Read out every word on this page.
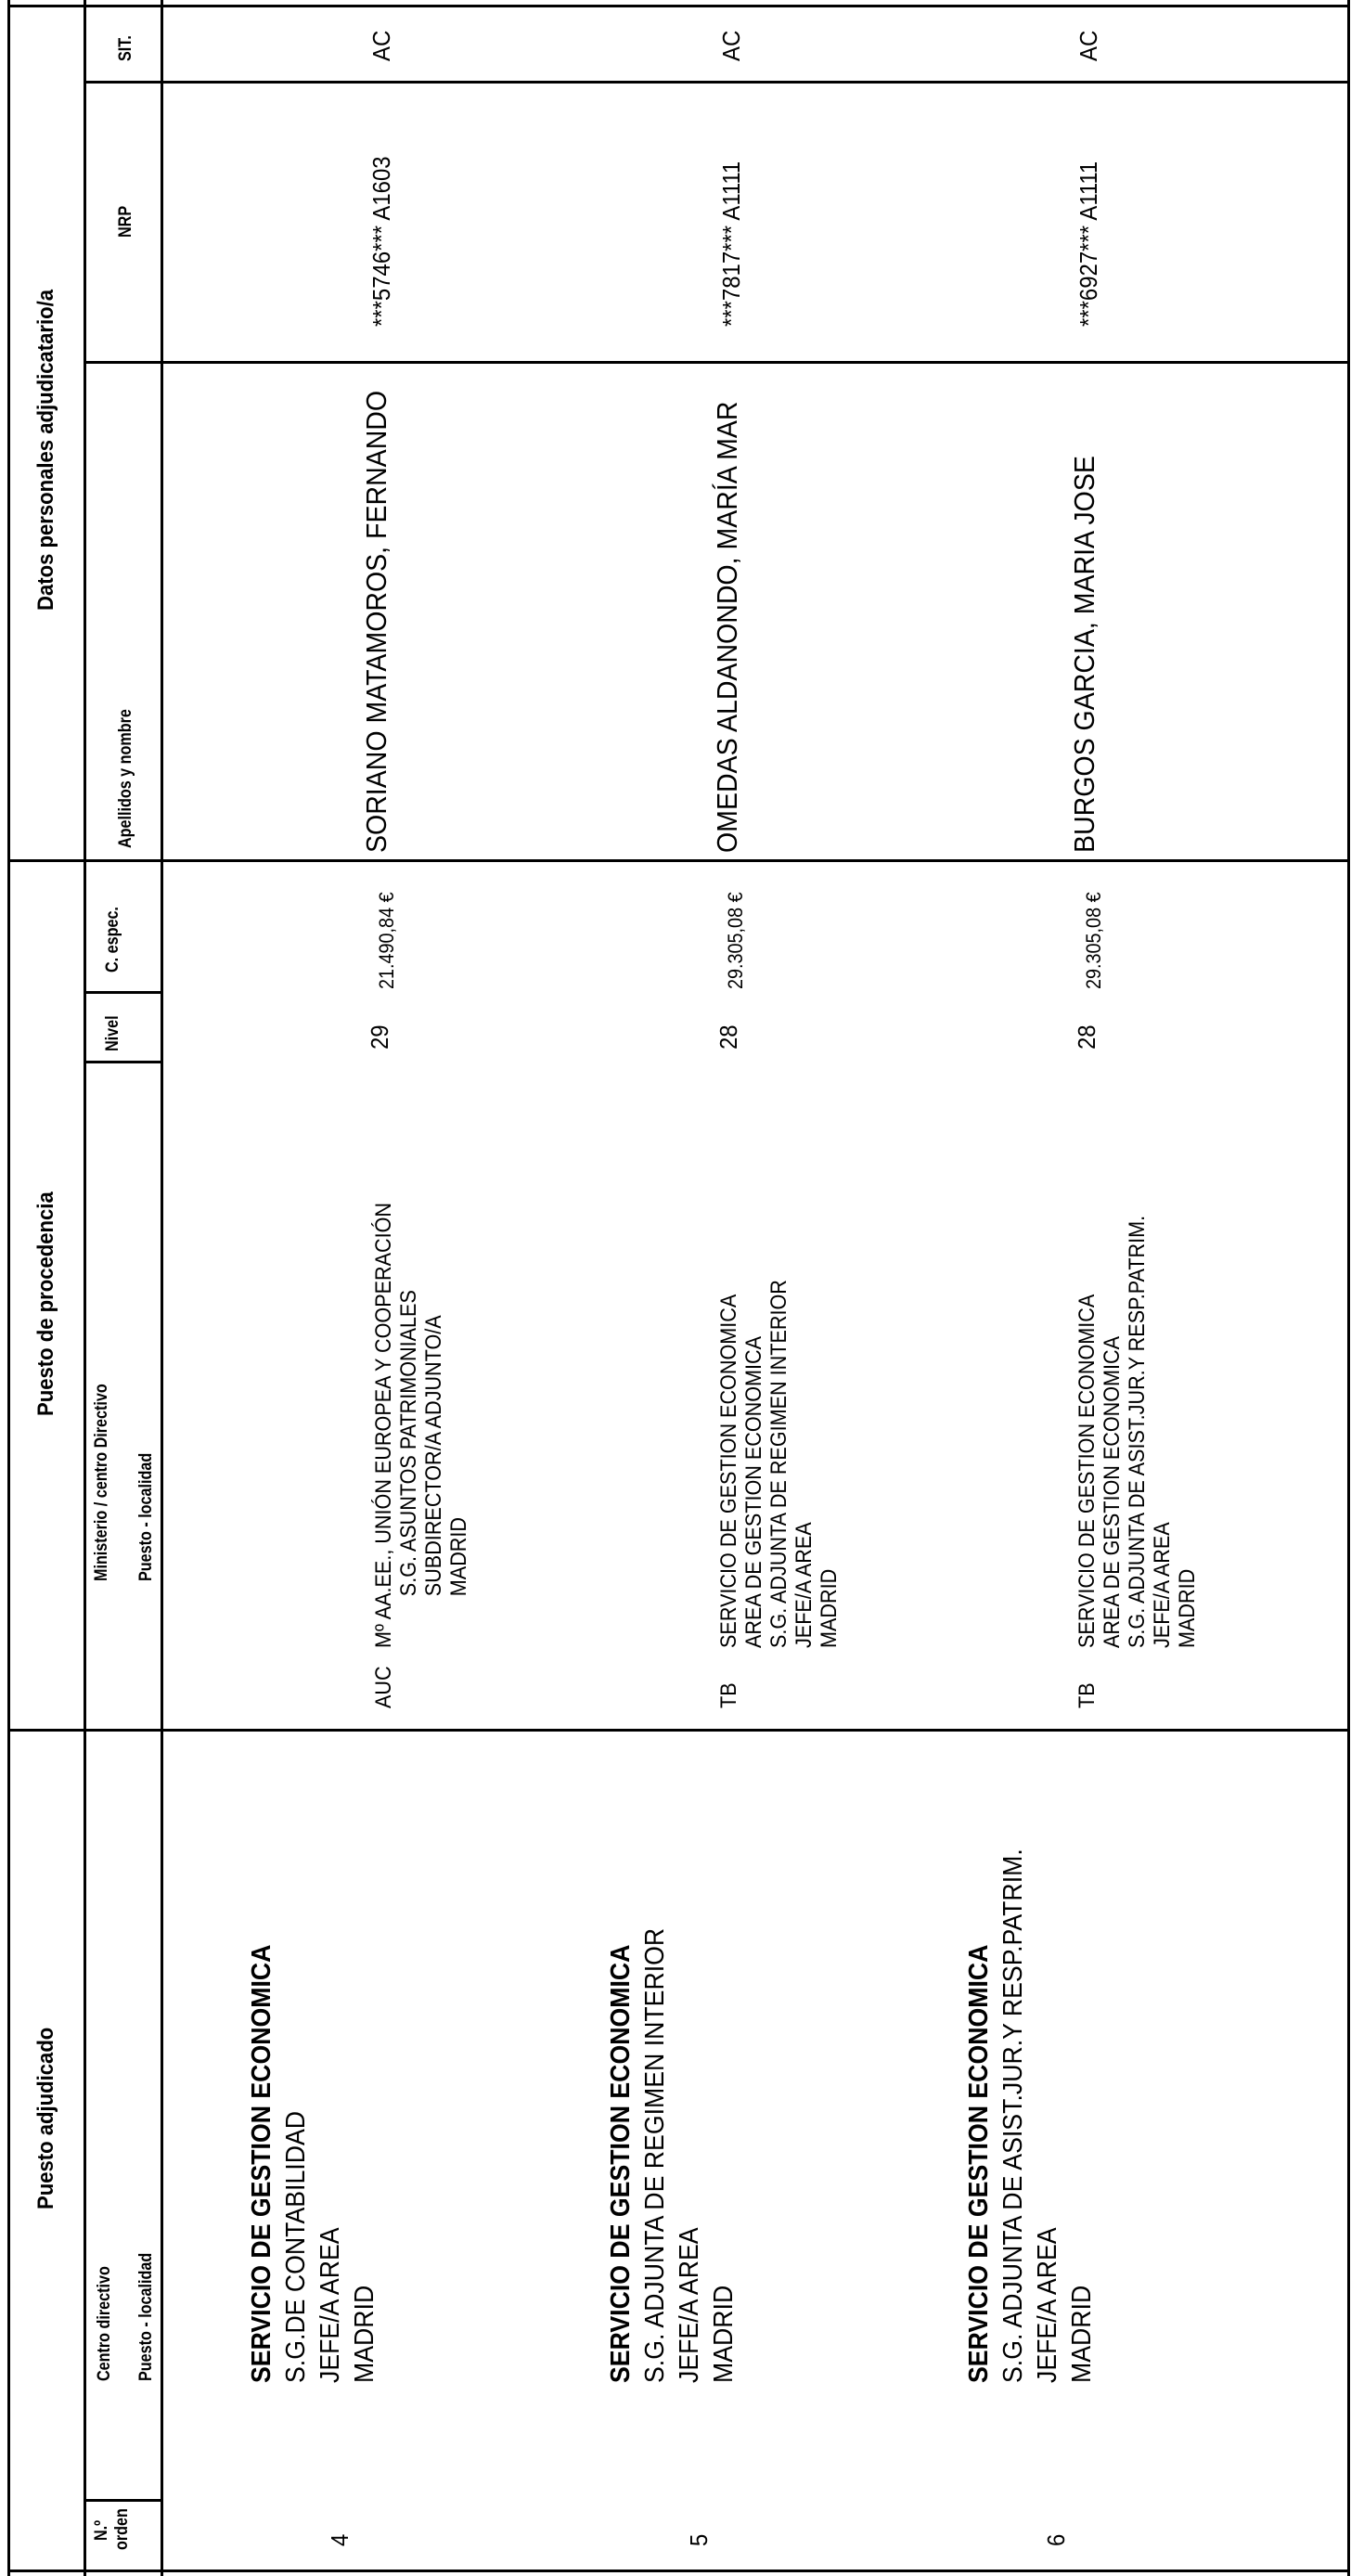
Puesto adjudicado
Puesto de procedencia
Datos personales adjudicatario/a
N.º orden
Centro directivo Puesto - localidad
Ministerio / centro Directivo Puesto - localidad
Nivel
C. espec.
Apellidos y nombre
NRP
SIT.
4
SERVICIO DE GESTION ECONOMICA S.G.DE CONTABILIDAD JEFE/A AREA MADRID
AUC
Mº AA.EE., UNIÓN EUROPEA Y COOPERACIÓN S.G. ASUNTOS PATRIMONIALES SUBDIRECTOR/A ADJUNTO/A MADRID
29
21.490,84 €
SORIANO MATAMOROS, FERNANDO
***5746*** A1603
AC
5
SERVICIO DE GESTION ECONOMICA S.G. ADJUNTA DE REGIMEN INTERIOR JEFE/A AREA MADRID
TB
SERVICIO DE GESTION ECONOMICA AREA DE GESTION ECONOMICA S.G. ADJUNTA DE REGIMEN INTERIOR JEFE/A AREA MADRID
28
29.305,08 €
OMEDAS ALDANONDO, MARÍA MAR
***7817*** A1111
AC
6
SERVICIO DE GESTION ECONOMICA S.G. ADJUNTA DE ASIST.JUR.Y RESP.PATRIM. JEFE/A AREA MADRID
TB
SERVICIO DE GESTION ECONOMICA AREA DE GESTION ECONOMICA S.G. ADJUNTA DE ASIST.JUR.Y RESP.PATRIM. JEFE/A AREA MADRID
28
29.305,08 €
BURGOS GARCIA, MARIA JOSE
***6927*** A1111
AC
